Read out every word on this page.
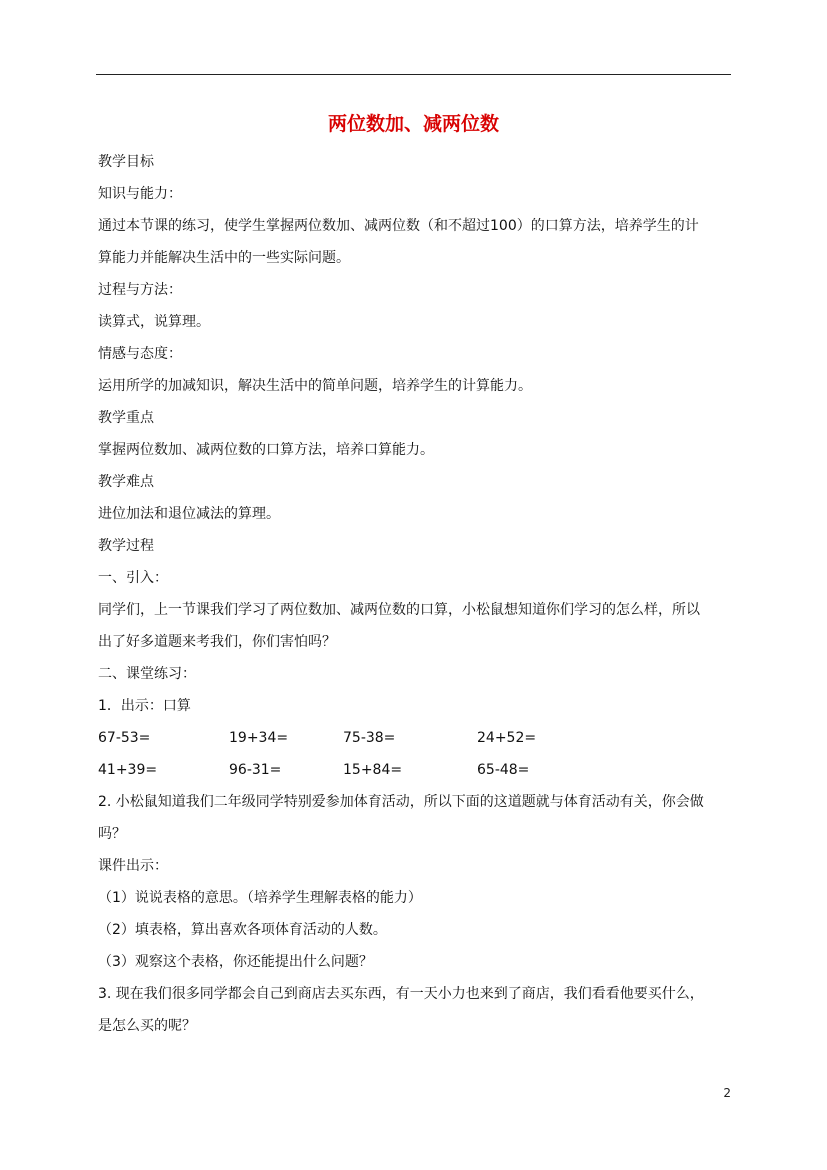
两位数加、减两位数

教学目标

知识与能力：

通过本节课的练习，使学生掌握两位数加、减两位数（和不超过100）的口算方法，培养学生的计

算能力并能解决生活中的一些实际问题。

过程与方法：

读算式，说算理。

情感与态度：

运用所学的加减知识，解决生活中的简单问题，培养学生的计算能力。

教学重点

掌握两位数加、减两位数的口算方法，培养口算能力。

教学难点

进位加法和退位减法的算理。

教学过程

一、引入：

同学们，上一节课我们学习了两位数加、减两位数的口算，小松鼠想知道你们学习的怎么样，所以

出了好多道题来考我们，你们害怕吗？

二、课堂练习：

1．出示：口算

67-53=	19+34=	75-38=	24+52=
41+39=	96-31=	15+84=	65-48=

2. 小松鼠知道我们二年级同学特别爱参加体育活动，所以下面的这道题就与体育活动有关，你会做

吗？

课件出示：

（1）说说表格的意思。（培养学生理解表格的能力）

（2）填表格，算出喜欢各项体育活动的人数。

（3）观察这个表格，你还能提出什么问题？

3. 现在我们很多同学都会自己到商店去买东西，有一天小力也来到了商店，我们看看他要买什么，

是怎么买的呢？

2
